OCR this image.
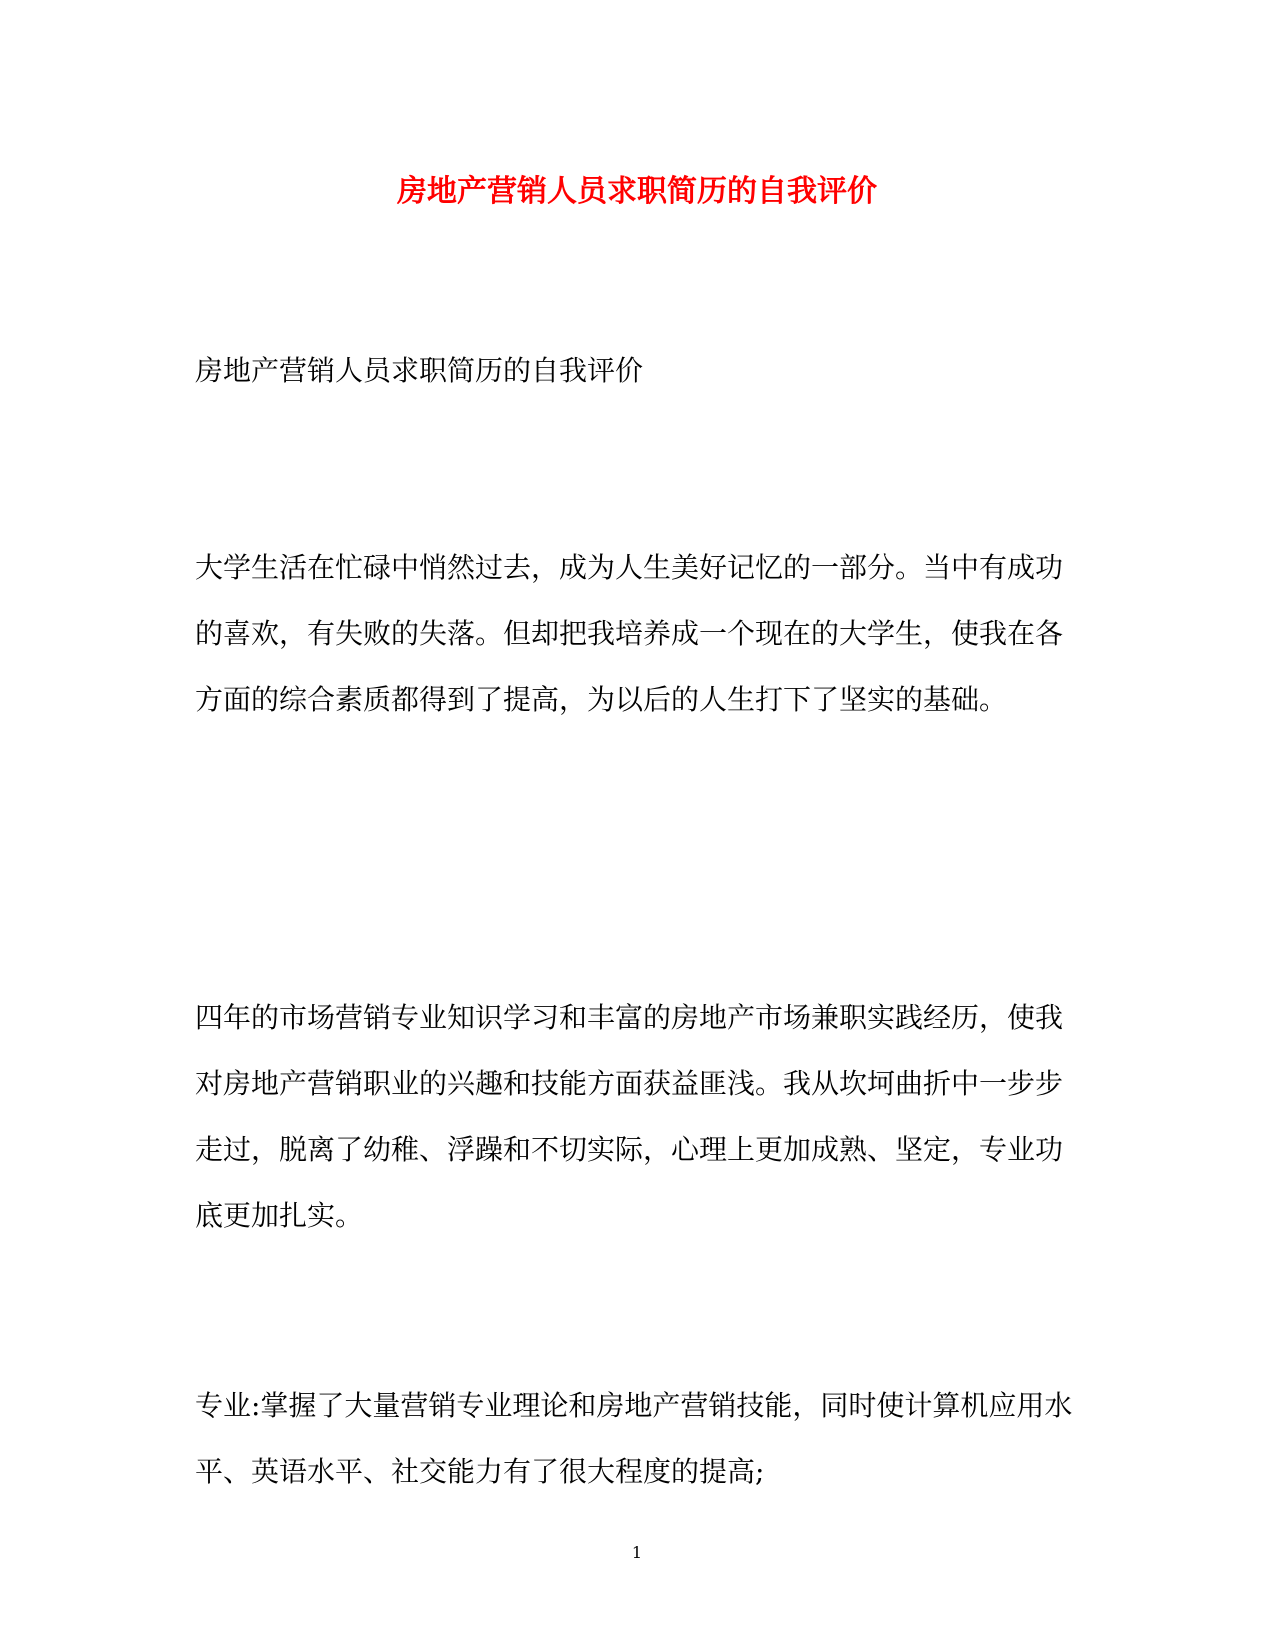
房地产营销人员求职简历的自我评价

房地产营销人员求职简历的自我评价

大学生活在忙碌中悄然过去，成为人生美好记忆的一部分。当中有成功的喜欢，有失败的失落。但却把我培养成一个现在的大学生，使我在各方面的综合素质都得到了提高，为以后的人生打下了坚实的基础。

四年的市场营销专业知识学习和丰富的房地产市场兼职实践经历，使我对房地产营销职业的兴趣和技能方面获益匪浅。我从坎坷曲折中一步步走过，脱离了幼稚、浮躁和不切实际，心理上更加成熟、坚定，专业功底更加扎实。

专业:掌握了大量营销专业理论和房地产营销技能，同时使计算机应用水平、英语水平、社交能力有了很大程度的提高;

1
